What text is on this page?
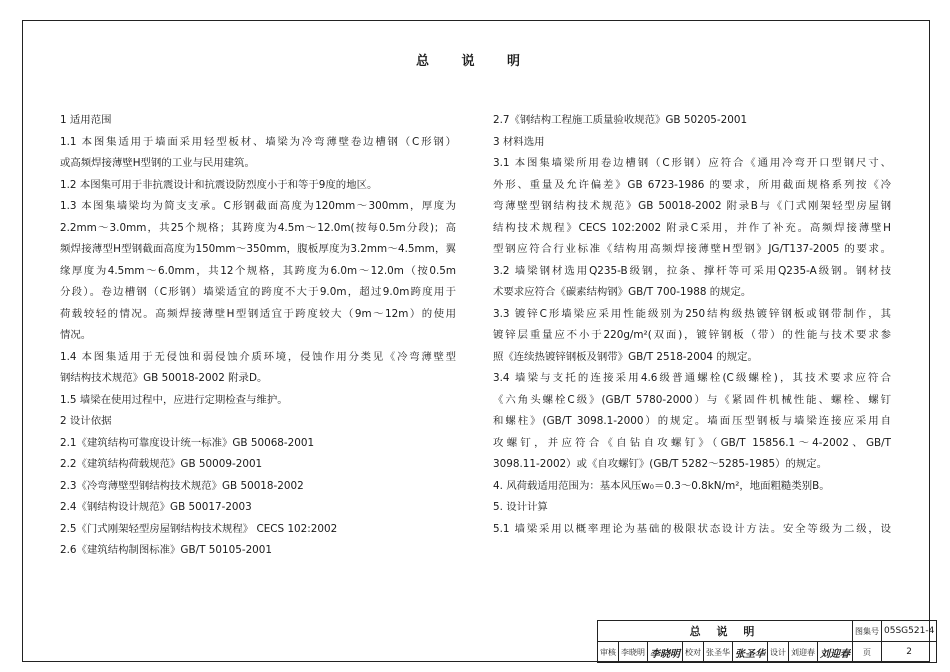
总 说 明
1 适用范围
1.1 本图集适用于墙面采用轻型板材、墙梁为冷弯薄壁卷边槽钢（C形钢）
或高频焊接薄壁H型钢的工业与民用建筑。
1.2 本图集可用于非抗震设计和抗震设防烈度小于和等于9度的地区。
1.3 本图集墙梁均为简支支承。C形钢截面高度为120mm～300mm，厚度为
2.2mm～3.0mm，共25个规格；其跨度为4.5m～12.0m(按每0.5m分段)；高
频焊接薄型H型钢截面高度为150mm～350mm，腹板厚度为3.2mm～4.5mm，翼
缘厚度为4.5mm～6.0mm，共12个规格，其跨度为6.0m～12.0m（按0.5m
分段）。卷边槽钢（C形钢）墙梁适宜的跨度不大于9.0m，超过9.0m跨度用于
荷载较轻的情况。高频焊接薄壁H型钢适宜于跨度较大（9m～12m）的使用
情况。
1.4 本图集适用于无侵蚀和弱侵蚀介质环境，侵蚀作用分类见《冷弯薄壁型
钢结构技术规范》GB 50018-2002 附录D。
1.5 墙梁在使用过程中，应进行定期检查与维护。
2 设计依据
2.1《建筑结构可靠度设计统一标准》GB 50068-2001
2.2《建筑结构荷载规范》GB 50009-2001
2.3《冷弯薄壁型钢结构技术规范》GB 50018-2002
2.4《钢结构设计规范》GB 50017-2003
2.5《门式刚架轻型房屋钢结构技术规程》 CECS 102:2002
2.6《建筑结构制图标准》GB/T 50105-2001
2.7《钢结构工程施工质量验收规范》GB 50205-2001
3 材料选用
3.1 本图集墙梁所用卷边槽钢（C形钢）应符合《通用冷弯开口型钢尺寸、
外形、重量及允许偏差》GB 6723-1986 的要求，所用截面规格系列按《冷
弯薄壁型钢结构技术规范》GB 50018-2002 附录B与《门式刚架轻型房屋钢
结构技术规程》CECS 102:2002 附录C采用，并作了补充。高频焊接薄壁H
型钢应符合行业标准《结构用高频焊接薄壁H型钢》JG/T137-2005 的要求。
3.2 墙梁钢材选用Q235-B级钢，拉条、撑杆等可采用Q235-A级钢。钢材技
术要求应符合《碳素结构钢》GB/T 700-1988 的规定。
3.3 镀锌C形墙梁应采用性能级别为250结构级热镀锌钢板或钢带制作，其
镀锌层重量应不小于220g/m²(双面)，镀锌钢板（带）的性能与技术要求参
照《连续热镀锌钢板及钢带》GB/T 2518-2004 的规定。
3.4 墙梁与支托的连接采用4.6级普通螺栓(C级螺栓)，其技术要求应符合
《六角头螺栓C级》(GB/T 5780-2000）与《紧固件机械性能、螺栓、螺钉
和螺柱》(GB/T 3098.1-2000）的规定。墙面压型钢板与墙梁连接应采用自
攻螺钉，并应符合《自钻自攻螺钉》（GB/T 15856.1～4-2002、GB/T
3098.11-2002）或《自攻螺钉》(GB/T 5282～5285-1985）的规定。
4. 风荷载适用范围为：基本风压w₀＝0.3～0.8kN/m²，地面粗糙类别B。
5. 设计计算
5.1 墙梁采用以概率理论为基础的极限状态设计方法。安全等级为二级，设
总 说 明									图集号	05SG521-4
审核	李晓明	李晓明	校对	张圣华	张圣华	设计	刘迎春	刘迎春	页	2
